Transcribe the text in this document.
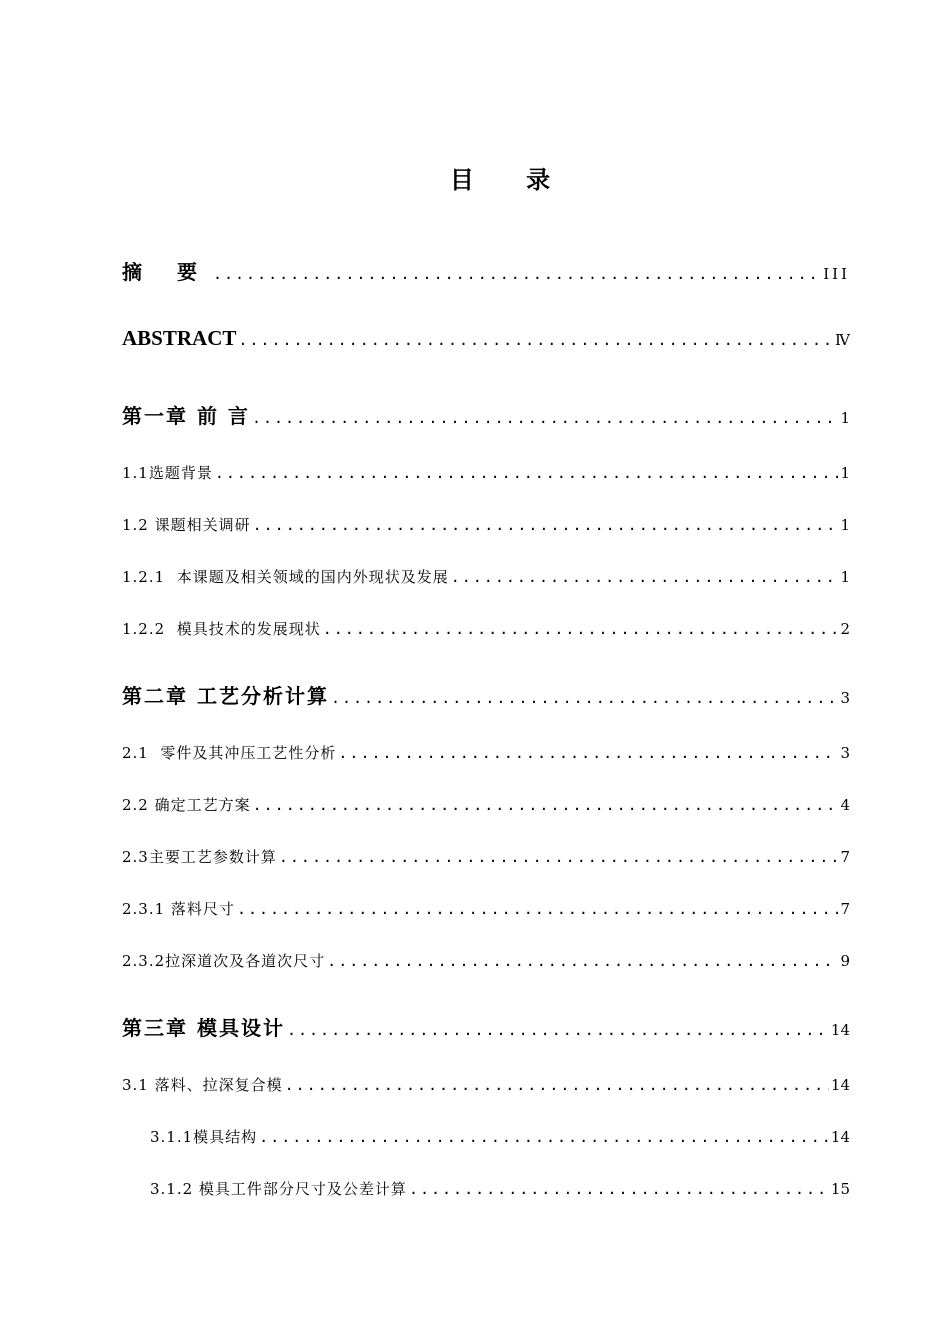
目 录
摘 要 .....	III
ABSTRACT .....	Ⅳ
第一章 前 言 .....	1
1.1选题背景 .....	1
1.2 课题相关调研 .....	1
1.2.1  本课题及相关领域的国内外现状及发展 .....	1
1.2.2  模具技术的发展现状 .....	2
第二章 工艺分析计算 .....	3
2.1  零件及其冲压工艺性分析 .....	3
2.2 确定工艺方案 .....	4
2.3主要工艺参数计算 .....	7
2.3.1 落料尺寸 .....	7
2.3.2拉深道次及各道次尺寸 .....	9
第三章 模具设计 .....	14
3.1 落料、拉深复合模 .....	14
3.1.1模具结构 .....	14
3.1.2 模具工件部分尺寸及公差计算 .....	15
